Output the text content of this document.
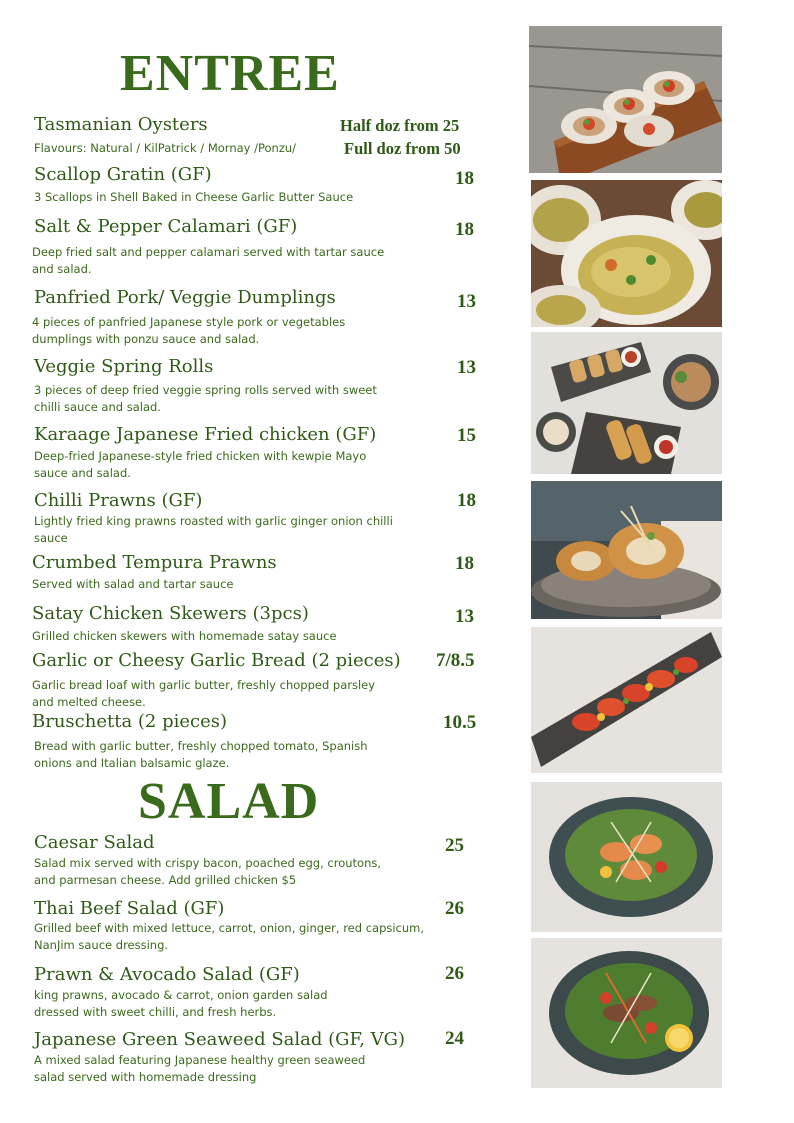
ENTREE
Tasmanian Oysters
Flavours: Natural / KilPatrick / Mornay /Ponzu/
Half doz from 25
Full doz from 50
Scallop Gratin (GF)
3 Scallops in Shell Baked in Cheese Garlic Butter Sauce
18
Salt & Pepper Calamari (GF)
Deep fried salt and pepper calamari served with tartar sauce and salad.
18
Panfried Pork/ Veggie Dumplings
4 pieces of panfried Japanese style pork or vegetables dumplings with ponzu sauce and salad.
13
Veggie Spring Rolls
3 pieces of deep fried veggie spring rolls served with sweet chilli sauce and salad.
13
Karaage Japanese Fried chicken (GF)
Deep-fried Japanese-style fried chicken with kewpie Mayo sauce and salad.
15
Chilli Prawns (GF)
Lightly fried king prawns roasted with garlic ginger onion chilli sauce
18
Crumbed Tempura Prawns
Served with salad and tartar sauce
18
Satay Chicken Skewers (3pcs)
Grilled chicken skewers with homemade satay sauce
13
Garlic or Cheesy Garlic Bread (2 pieces)
Garlic bread loaf with garlic butter, freshly chopped parsley and melted cheese.
7/8.5
Bruschetta (2 pieces)
Bread with garlic butter, freshly chopped tomato, Spanish onions and Italian balsamic glaze.
10.5
SALAD
Caesar Salad
Salad mix served with crispy bacon, poached egg, croutons,
and parmesan cheese. Add grilled chicken $5
25
Thai Beef Salad (GF)
Grilled beef with mixed lettuce, carrot, onion, ginger, red capsicum,
NanJim sauce dressing.
26
Prawn & Avocado Salad (GF)
king prawns, avocado & carrot, onion garden salad
dressed with sweet chilli, and fresh herbs.
26
Japanese Green Seaweed Salad (GF, VG)
A mixed salad featuring Japanese healthy green seaweed
salad served with homemade dressing
24
